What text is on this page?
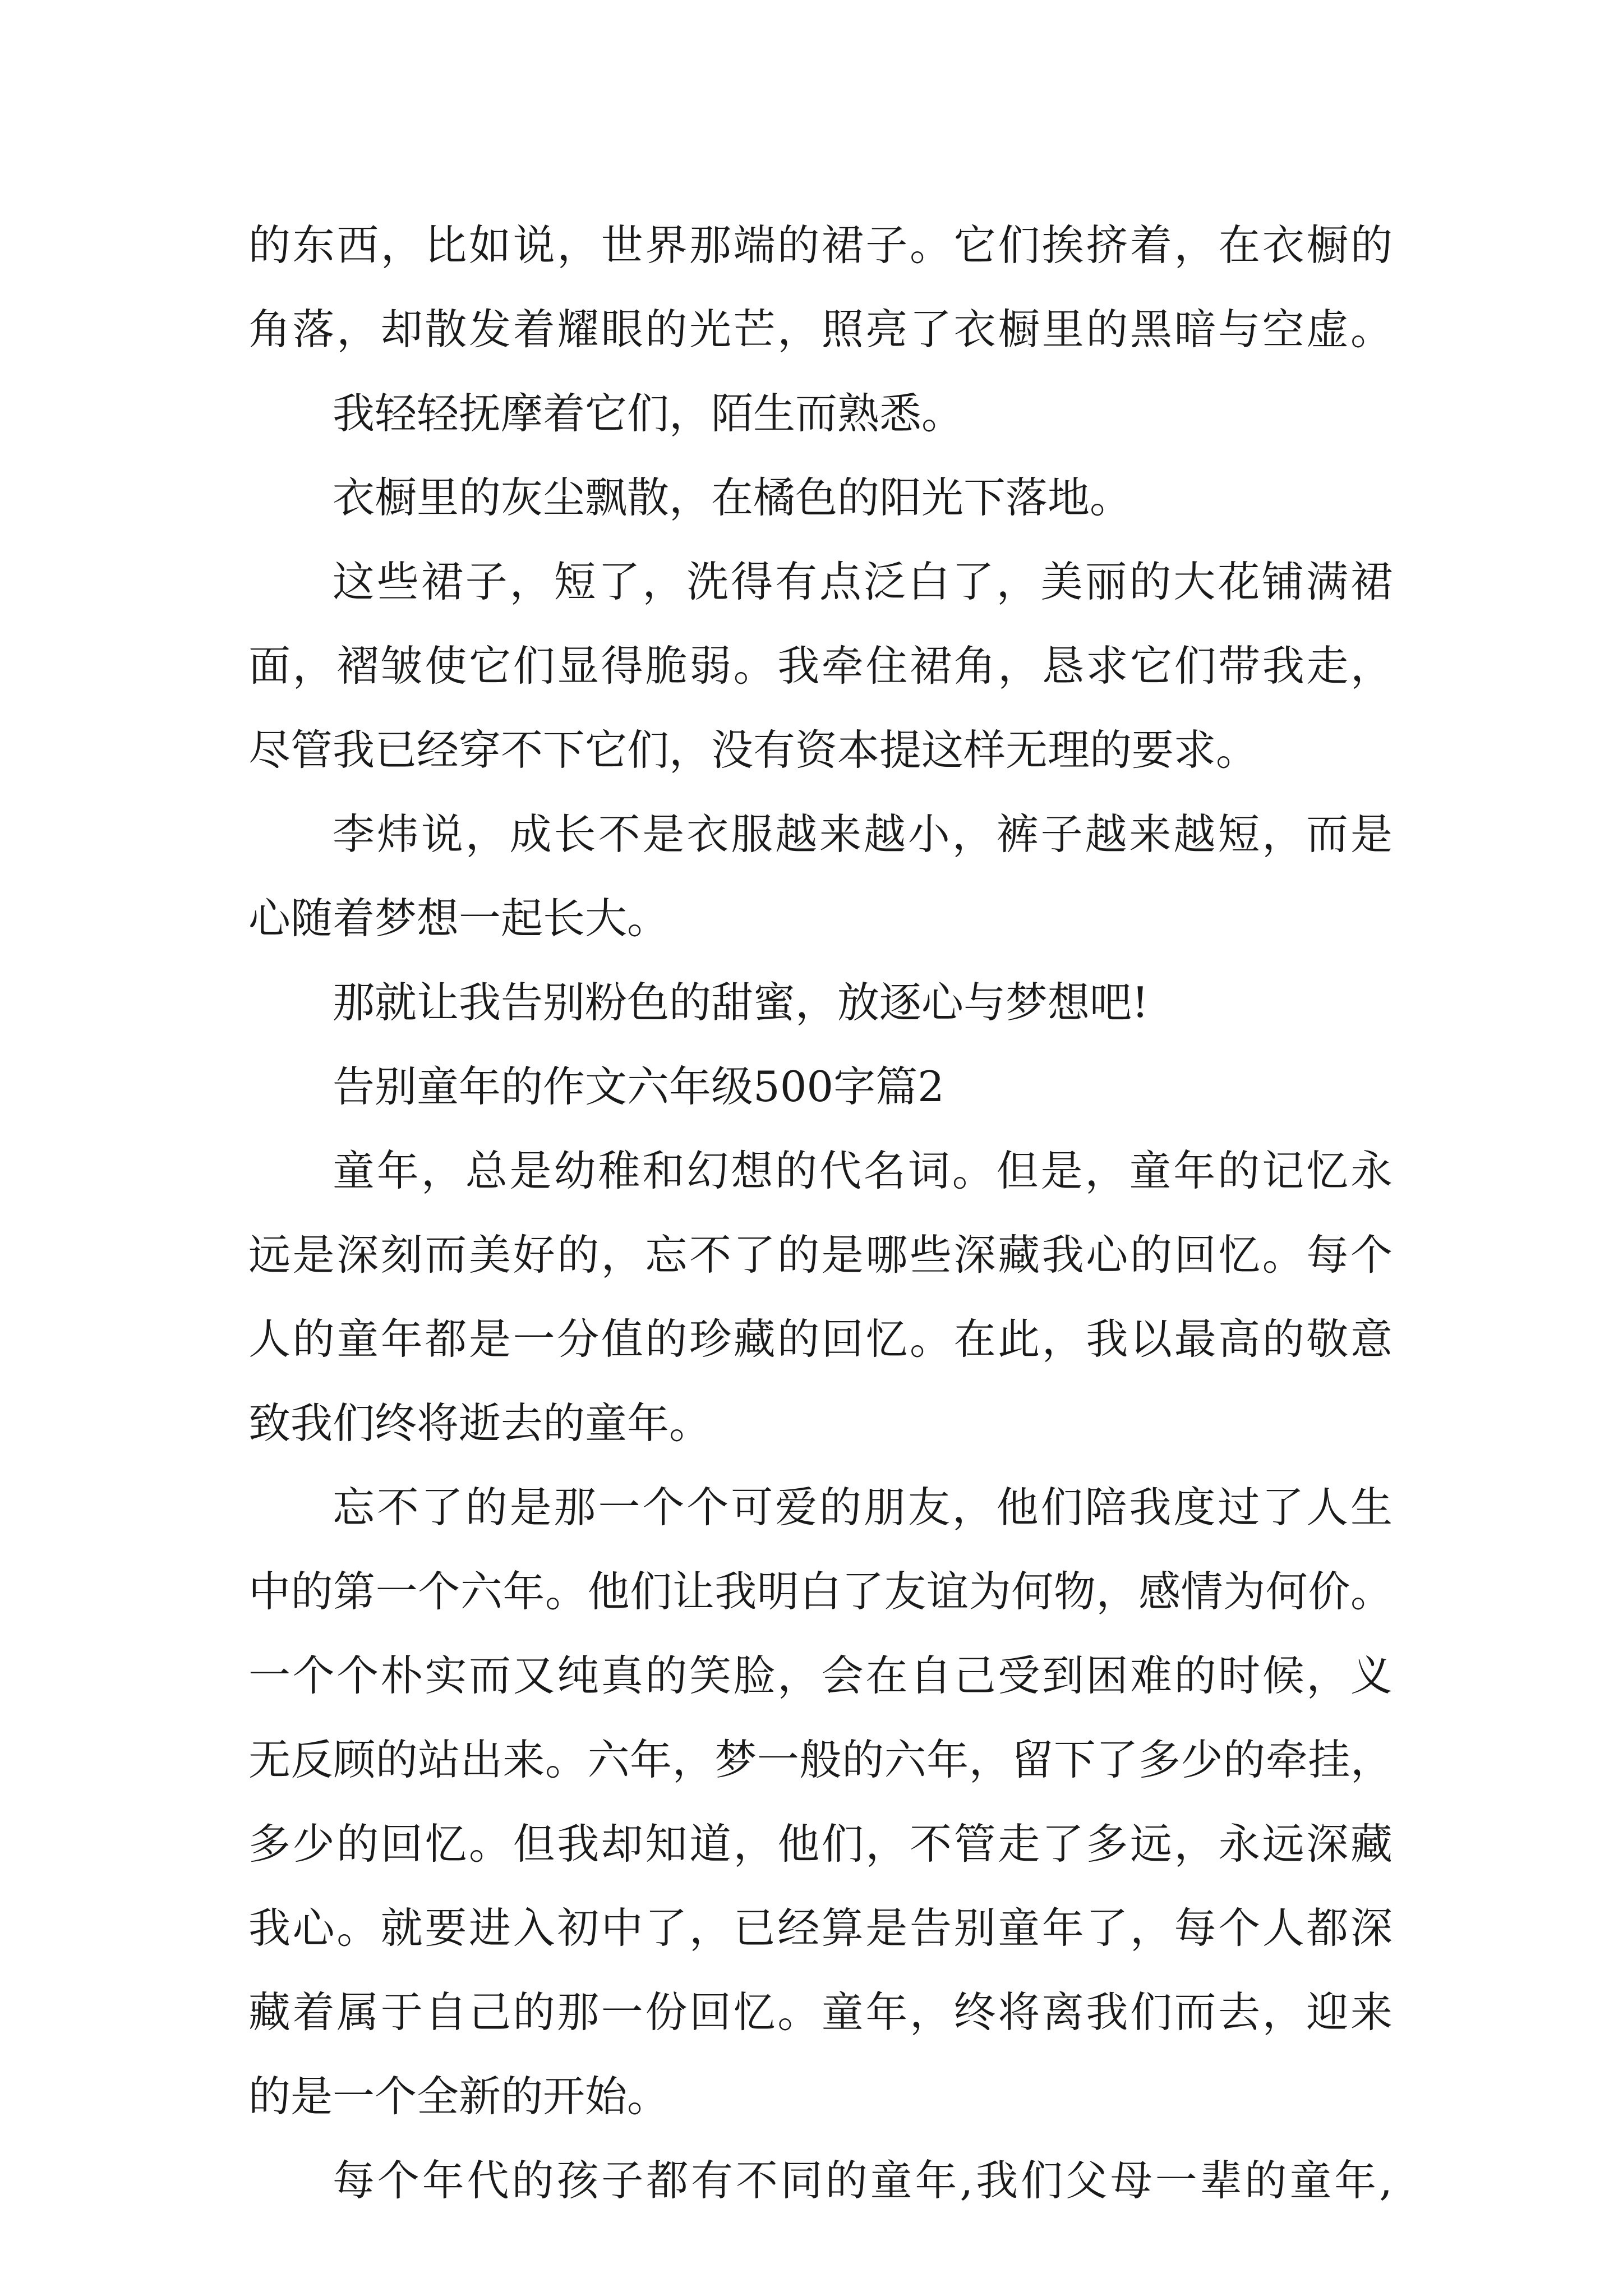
的东西，比如说，世界那端的裙子。它们挨挤着，在衣橱的
角落，却散发着耀眼的光芒，照亮了衣橱里的黑暗与空虚。
我轻轻抚摩着它们，陌生而熟悉。
衣橱里的灰尘飘散，在橘色的阳光下落地。
这些裙子，短了，洗得有点泛白了，美丽的大花铺满裙
面，褶皱使它们显得脆弱。我牵住裙角，恳求它们带我走，
尽管我已经穿不下它们，没有资本提这样无理的要求。
李炜说，成长不是衣服越来越小，裤子越来越短，而是
心随着梦想一起长大。
那就让我告别粉色的甜蜜，放逐心与梦想吧!
告别童年的作文六年级500字篇2
童年，总是幼稚和幻想的代名词。但是，童年的记忆永
远是深刻而美好的，忘不了的是哪些深藏我心的回忆。每个
人的童年都是一分值的珍藏的回忆。在此，我以最高的敬意
致我们终将逝去的童年。
忘不了的是那一个个可爱的朋友，他们陪我度过了人生
中的第一个六年。他们让我明白了友谊为何物，感情为何价。
一个个朴实而又纯真的笑脸，会在自己受到困难的时候，义
无反顾的站出来。六年，梦一般的六年，留下了多少的牵挂，
多少的回忆。但我却知道，他们，不管走了多远，永远深藏
我心。就要进入初中了，已经算是告别童年了，每个人都深
藏着属于自己的那一份回忆。童年，终将离我们而去，迎来
的是一个全新的开始。
每个年代的孩子都有不同的童年,我们父母一辈的童年,
